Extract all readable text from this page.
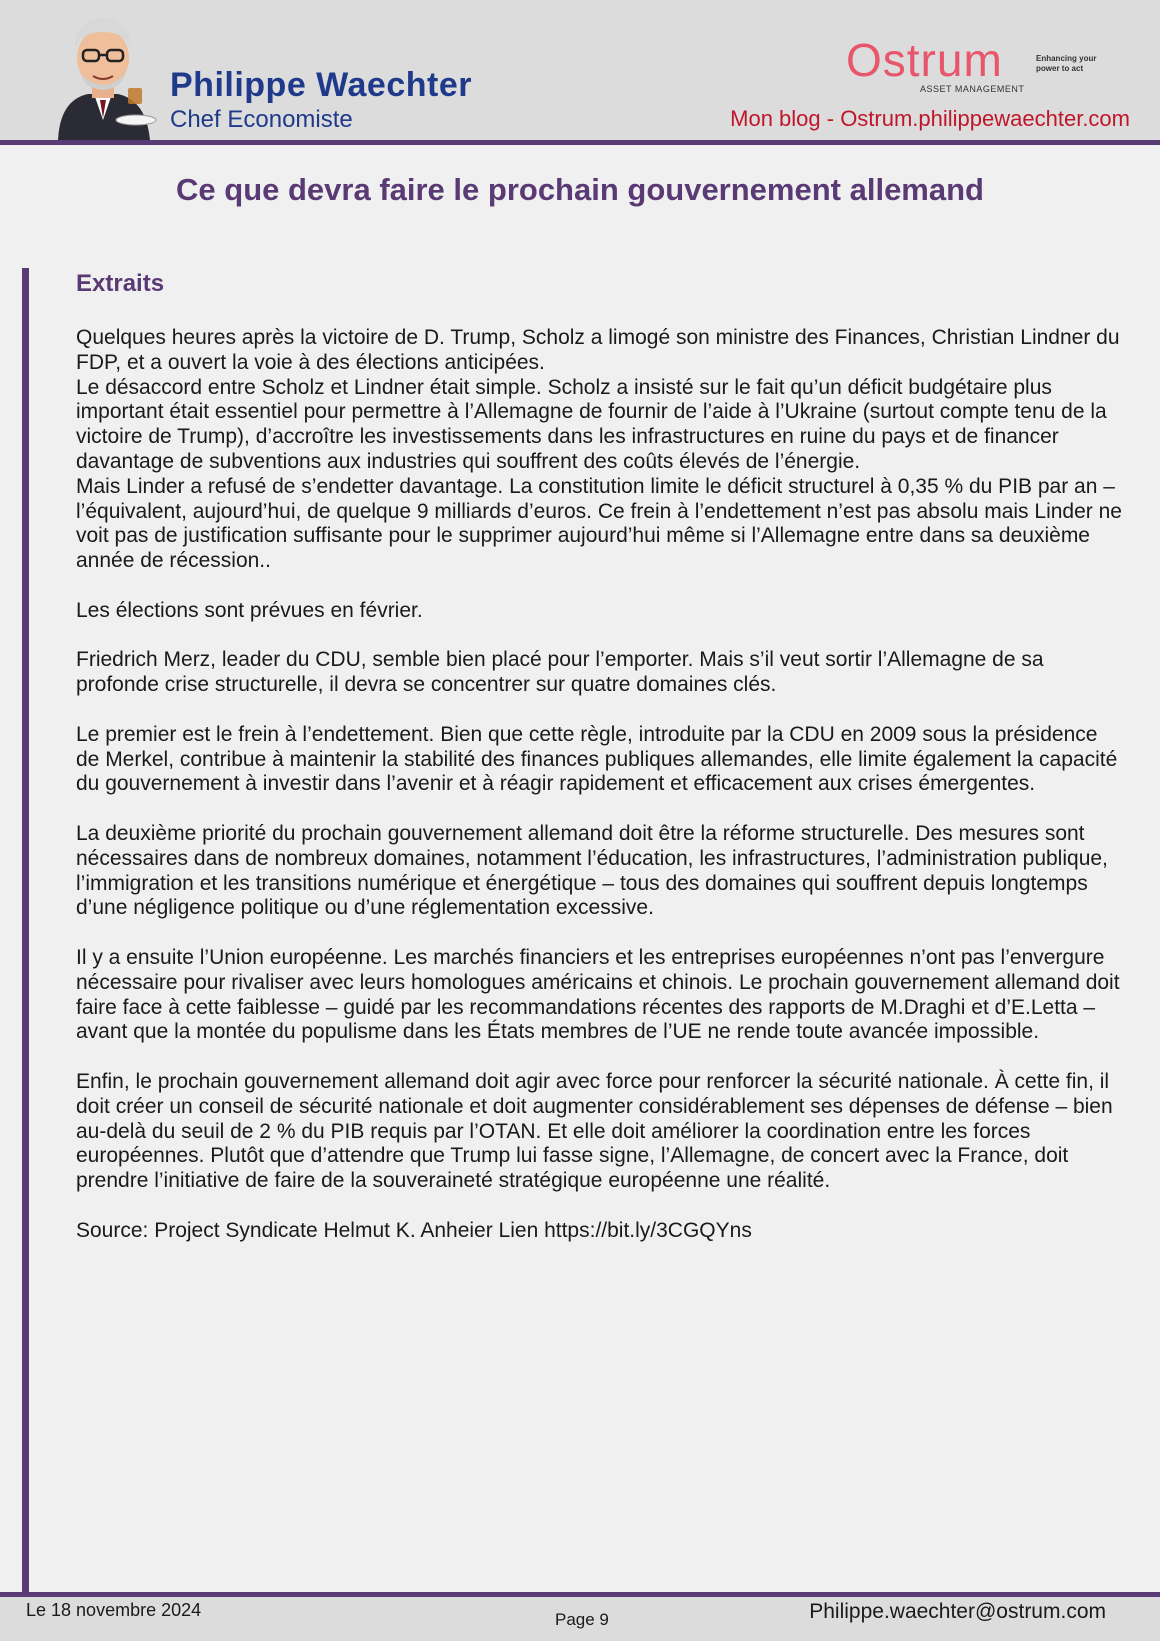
Philippe Waechter
Chef Economiste
Ostrum
ASSET MANAGEMENT
Enhancing your power to act
Mon blog - Ostrum.philippewaechter.com
Ce que devra faire le prochain gouvernement allemand
Extraits

Quelques heures après la victoire de D. Trump, Scholz a limogé son ministre des Finances, Christian Lindner du FDP, et a ouvert la voie à des élections anticipées.
Le désaccord entre Scholz et Lindner était simple. Scholz a insisté sur le fait qu’un déficit budgétaire plus important était essentiel pour permettre à l’Allemagne de fournir de l’aide à l’Ukraine (surtout compte tenu de la victoire de Trump), d’accroître les investissements dans les infrastructures en ruine du pays et de financer davantage de subventions aux industries qui souffrent des coûts élevés de l’énergie.
Mais Linder a refusé de s’endetter davantage. La constitution limite le déficit structurel à 0,35 % du PIB par an – l’équivalent, aujourd’hui, de quelque 9 milliards d’euros. Ce frein à l’endettement n’est pas absolu mais Linder ne voit pas de justification suffisante pour le supprimer aujourd’hui même si l’Allemagne entre dans sa deuxième année de récession..

Les élections sont prévues en février.

Friedrich Merz, leader du CDU, semble bien placé pour l’emporter. Mais s’il veut sortir l’Allemagne de sa profonde crise structurelle, il devra se concentrer sur quatre domaines clés.

Le premier est le frein à l’endettement. Bien que cette règle, introduite par la CDU en 2009 sous la présidence de Merkel, contribue à maintenir la stabilité des finances publiques allemandes, elle limite également la capacité du gouvernement à investir dans l’avenir et à réagir rapidement et efficacement aux crises émergentes.

La deuxième priorité du prochain gouvernement allemand doit être la réforme structurelle. Des mesures sont nécessaires dans de nombreux domaines, notamment l’éducation, les infrastructures, l’administration publique, l’immigration et les transitions numérique et énergétique – tous des domaines qui souffrent depuis longtemps d’une négligence politique ou d’une réglementation excessive.

Il y a ensuite l’Union européenne. Les marchés financiers et les entreprises européennes n’ont pas l’envergure nécessaire pour rivaliser avec leurs homologues américains et chinois. Le prochain gouvernement allemand doit faire face à cette faiblesse – guidé par les recommandations récentes des rapports de M.Draghi et d’E.Letta – avant que la montée du populisme dans les États membres de l’UE ne rende toute avancée impossible.

Enfin, le prochain gouvernement allemand doit agir avec force pour renforcer la sécurité nationale. À cette fin, il doit créer un conseil de sécurité nationale et doit augmenter considérablement ses dépenses de défense – bien au-delà du seuil de 2 % du PIB requis par l’OTAN. Et elle doit améliorer la coordination entre les forces européennes. Plutôt que d’attendre que Trump lui fasse signe, l’Allemagne, de concert avec la France, doit prendre l’initiative de faire de la souveraineté stratégique européenne une réalité.

Source: Project Syndicate Helmut K. Anheier Lien https://bit.ly/3CGQYns

Le 18 novembre 2024	Page 9	Philippe.waechter@ostrum.com
